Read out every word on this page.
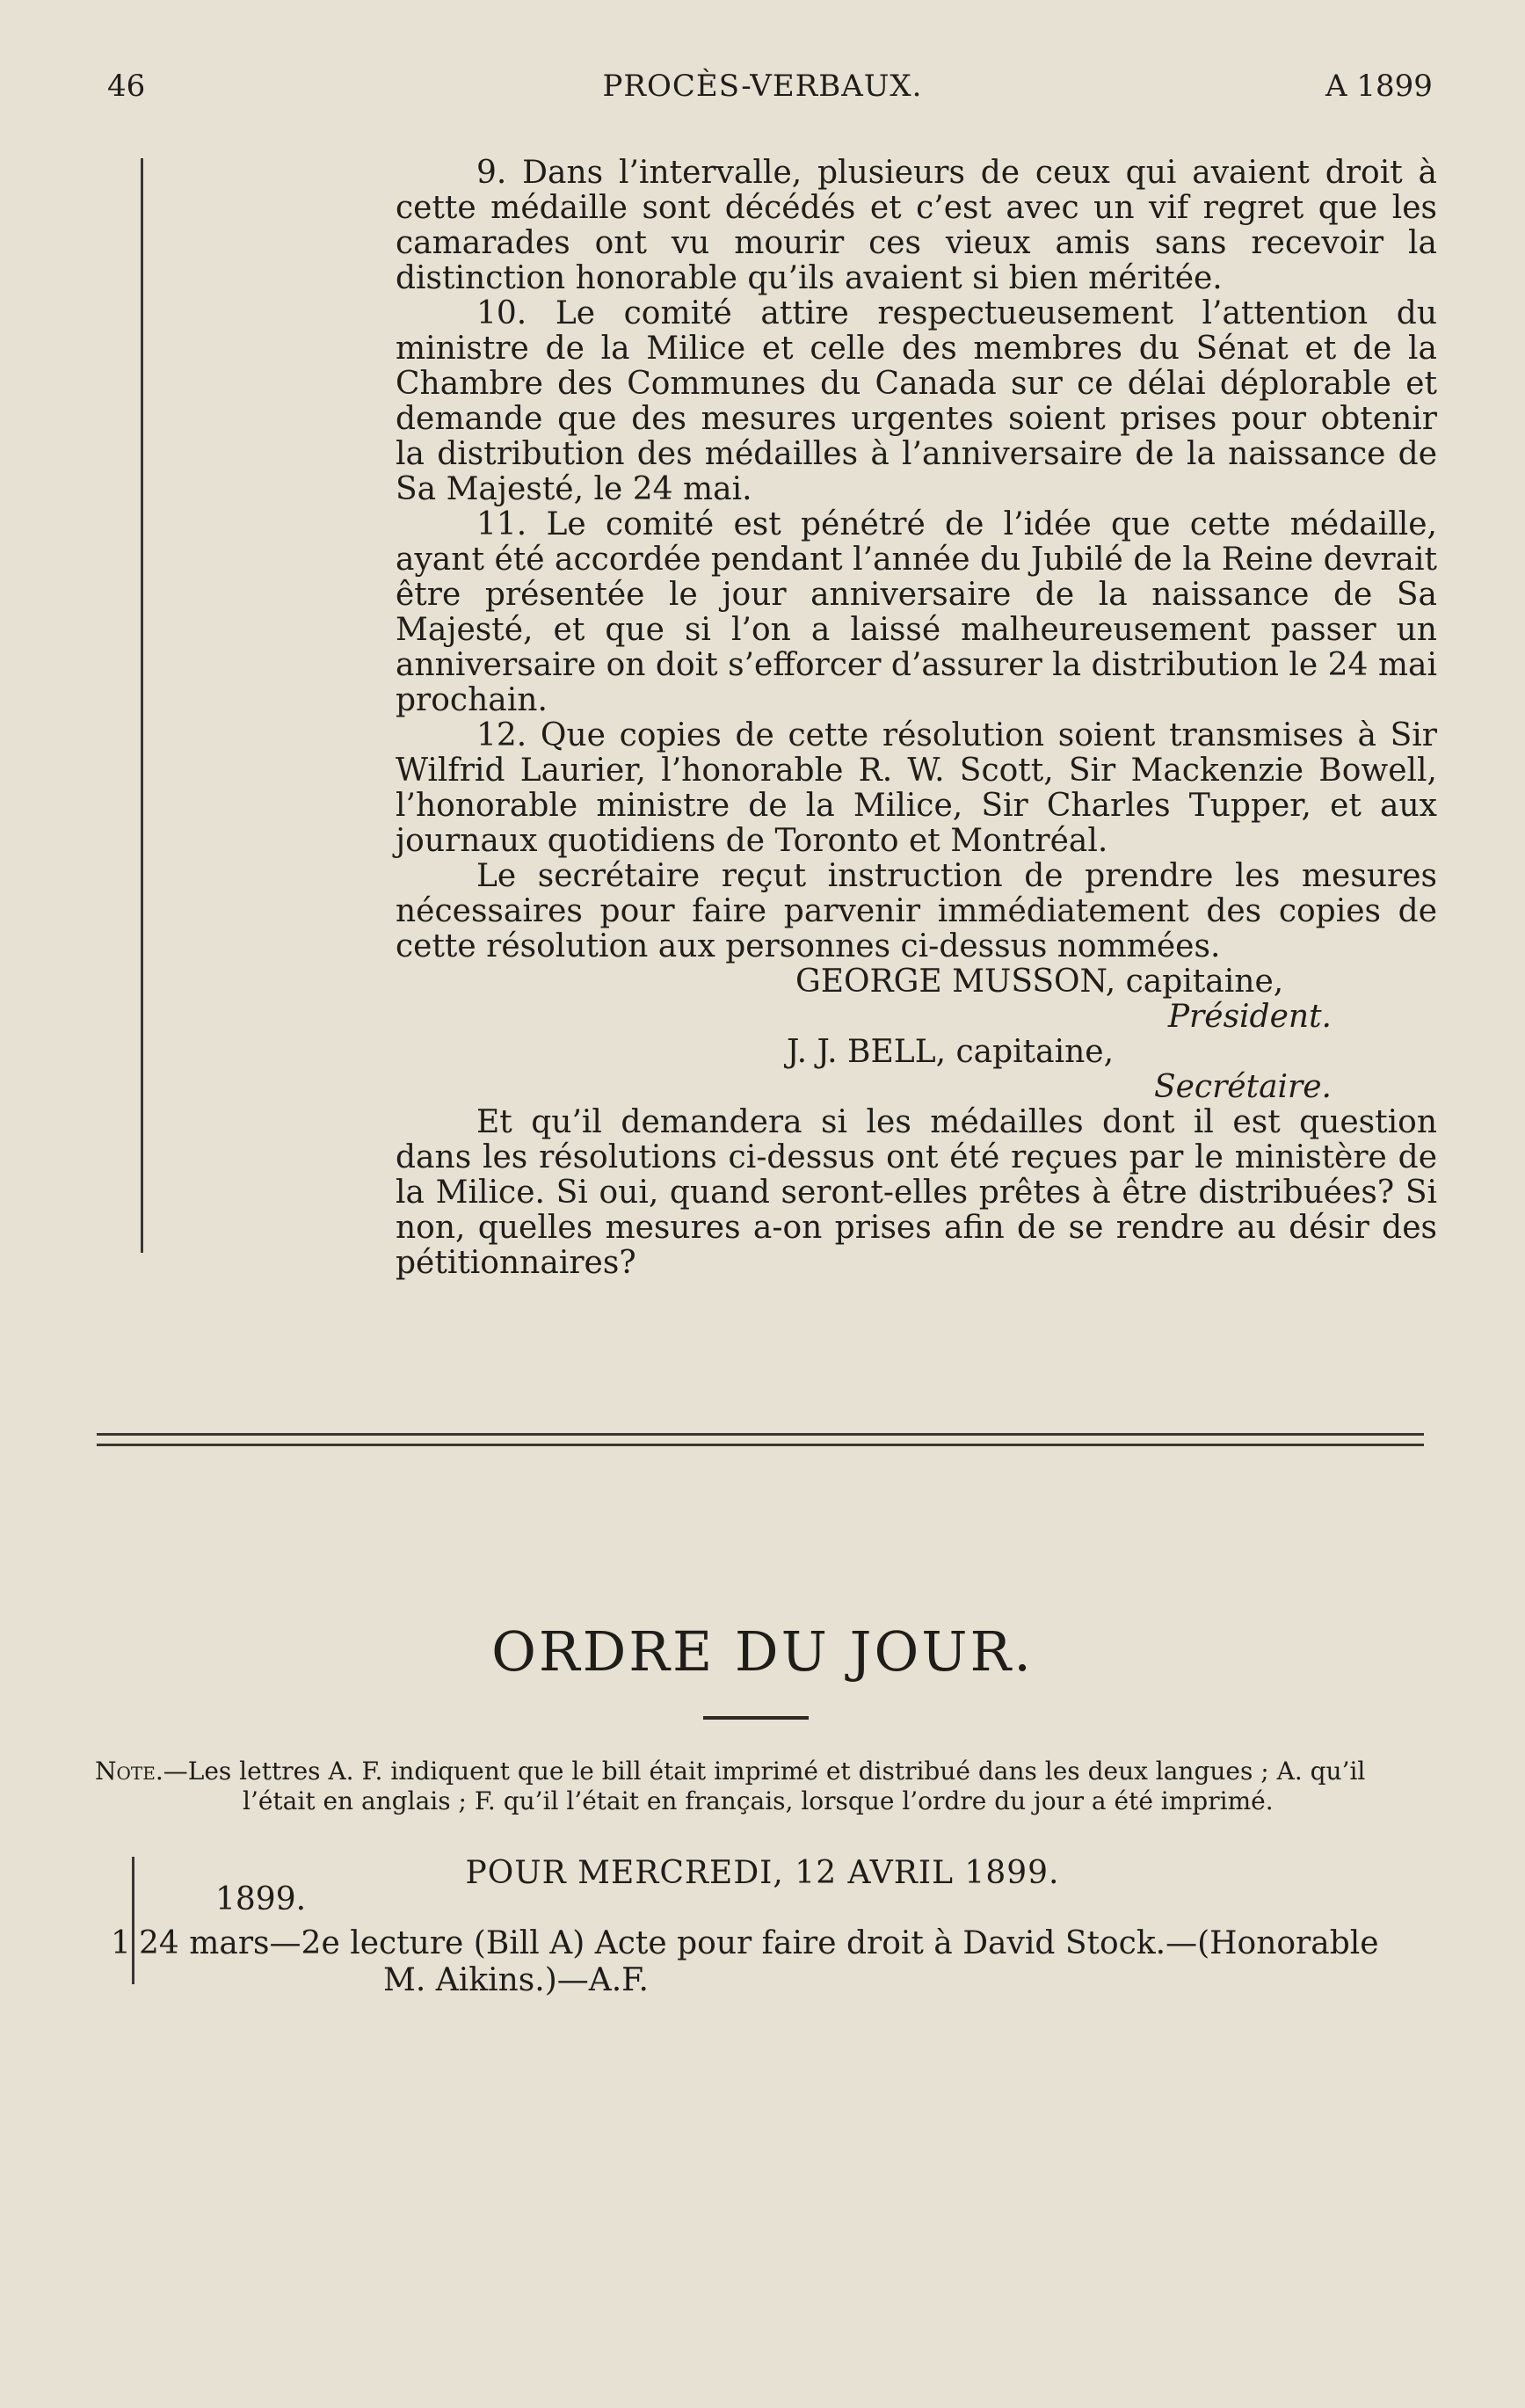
PROCÈS-VERBAUX.
46	A 1899

9. Dans l’intervalle, plusieurs de ceux qui avaient droit à cette médaille sont décédés et c’est avec un vif regret que les camarades ont vu mourir ces vieux amis sans recevoir la distinction honorable qu’ils avaient si bien méritée.

10. Le comité attire respectueusement l’attention du ministre de la Milice et celle des membres du Sénat et de la Chambre des Communes du Canada sur ce délai déplorable et demande que des mesures urgentes soient prises pour obtenir la distribution des médailles à l’anniversaire de la naissance de Sa Majesté, le 24 mai.

11. Le comité est pénétré de l’idée que cette médaille, ayant été accordée pendant l’année du Jubilé de la Reine devrait être présentée le jour anniversaire de la naissance de Sa Majesté, et que si l’on a laissé malheureusement passer un anniversaire on doit s’efforcer d’assurer la distribution le 24 mai prochain.

12. Que copies de cette résolution soient transmises à Sir Wilfrid Laurier, l’honorable R. W. Scott, Sir Mackenzie Bowell, l’honorable ministre de la Milice, Sir Charles Tupper, et aux journaux quotidiens de Toronto et Montréal.

Le secrétaire reçut instruction de prendre les mesures nécessaires pour faire parvenir immédiatement des copies de cette résolution aux personnes ci-dessus nommées.

GEORGE MUSSON, capitaine,

Président.

J. J. BELL, capitaine,

Secrétaire.

Et qu’il demandera si les médailles dont il est question dans les résolutions ci-dessus ont été reçues par le ministère de la Milice. Si oui, quand seront-elles prêtes à être distribuées? Si non, quelles mesures a-on prises afin de se rendre au désir des pétitionnaires?

ORDRE DU JOUR.
Note.—Les lettres A. F. indiquent que le bill était imprimé et distribué dans les deux langues ; A. qu’il
l’était en anglais ; F. qu’il l’était en français, lorsque l’ordre du jour a été imprimé.
POUR MERCREDI, 12 AVRIL 1899.
1899.
1 24 mars—2e lecture (Bill A) Acte pour faire droit à David Stock.—(Honorable
M. Aikins.)—A.F.
